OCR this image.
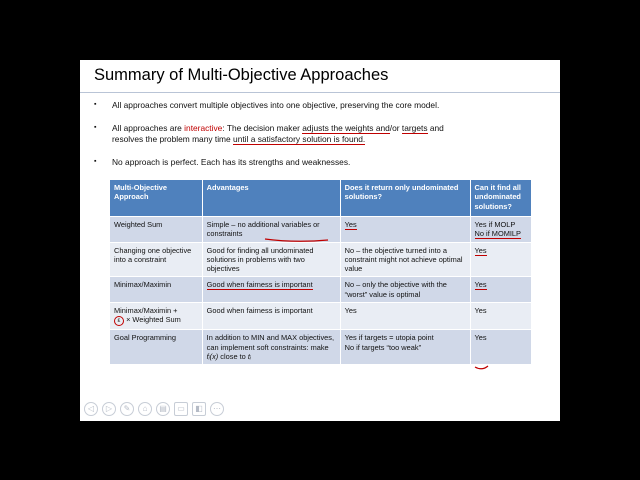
Summary of Multi-Objective Approaches
▪ All approaches convert multiple objectives into one objective, preserving the core model.
▪ All approaches are interactive: The decision maker adjusts the weights and/or targets and
resolves the problem many time until a satisfactory solution is found.
▪ No approach is perfect. Each has its strengths and weaknesses.
Multi-Objective Approach	Advantages	Does it return only undominated solutions?	Can it find all undominated solutions?
Weighted Sum	Simple – no additional variables or constraints	Yes	Yes if MOLP
No if MOMILP
Changing one objective into a constraint	Good for finding all undominated solutions in problems with two objectives	No – the objective turned into a constraint might not achieve optimal value	Yes
Minimax/Maximin	Good when fairness is important	No – only the objective with the “worst” value is optimal	Yes
Minimax/Maximin +
ε × Weighted Sum	Good when fairness is important	Yes	Yes
Goal Programming	In addition to MIN and MAX objectives, can implement soft constraints: make fᵢ(x) close to tᵢ	Yes if targets = utopia point
No if targets “too weak”	Yes
◁	▷	✎	⌂	▤	▭	◧	⋯
